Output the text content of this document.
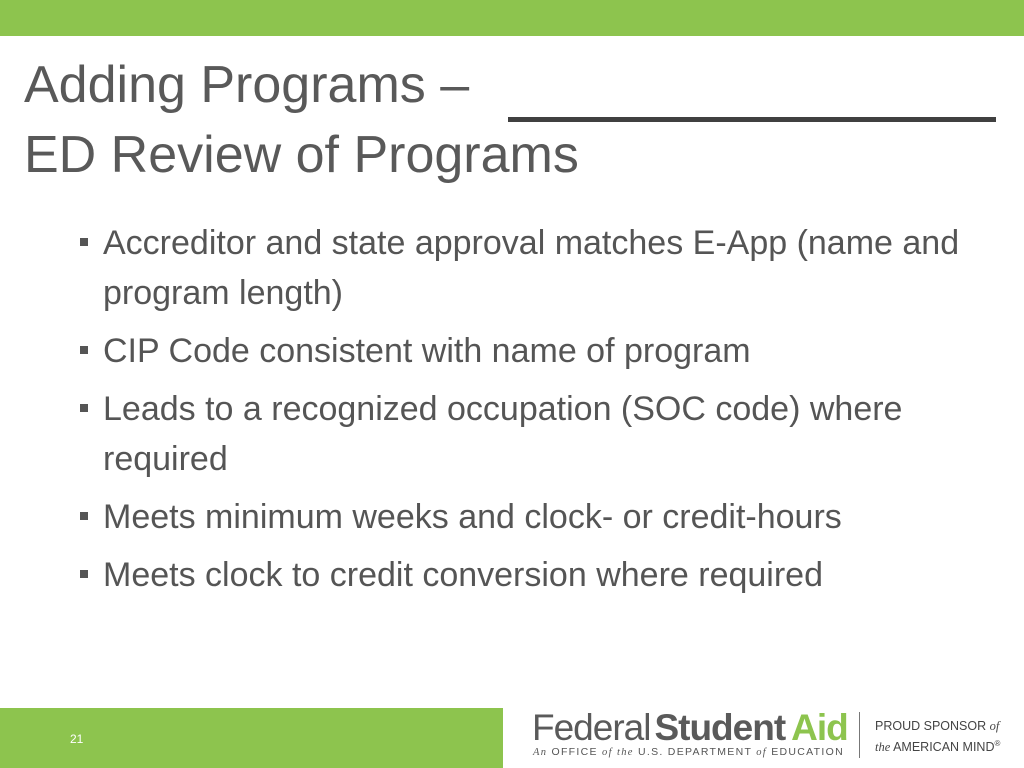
Adding Programs –
ED Review of Programs
Accreditor and state approval matches E-App (name and program length)
CIP Code consistent with name of program
Leads to a recognized occupation (SOC code) where required
Meets minimum weeks and clock- or credit-hours
Meets clock to credit conversion where required
21	Federal Student Aid
An OFFICE of the U.S. DEPARTMENT of EDUCATION
PROUD SPONSOR of
the AMERICAN MIND®
